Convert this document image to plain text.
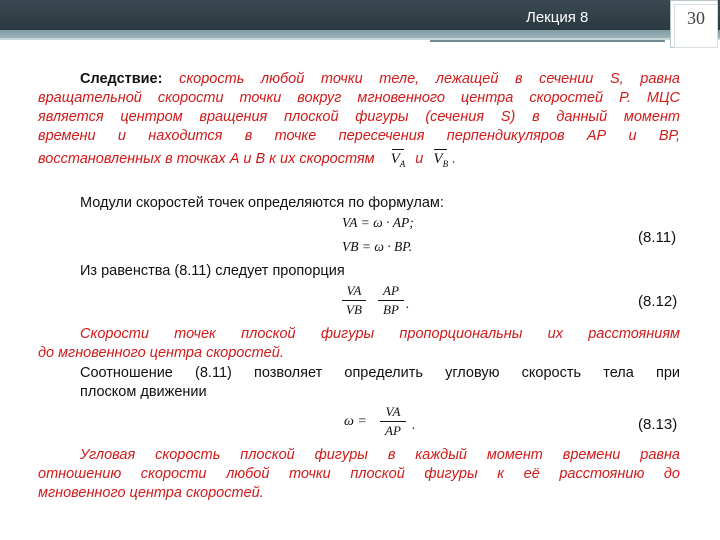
Лекция 8	30
Следствие: скорость любой точки теле, лежащей в сечении S, равна
вращательной скорости точки вокруг мгновенного центра скоростей P. МЦС
является центром вращения плоской фигуры (сечения S) в данный момент
времени и находится в точке пересечения перпендикуляров АР и ВР,
восстановленных в точках А и В к их скоростям $V_A$ и $V_B$ .
Модули скоростей точек определяются по формулам:
VA = ω · AP;
VB = ω · BP.
(8.11)
Из равенства (8.11) следует пропорция
VA
VB
AP
BP .	(8.12)
Скорости точек плоской фигуры пропорциональны их расстояниям
до мгновенного центра скоростей.
Соотношение (8.11) позволяет определить угловую скорость тела при
плоском движении
ω =
VA
AP .	(8.13)
Угловая скорость плоской фигуры в каждый момент времени равна
отношению скорости любой точки плоской фигуры к её расстоянию до
мгновенного центра скоростей.
